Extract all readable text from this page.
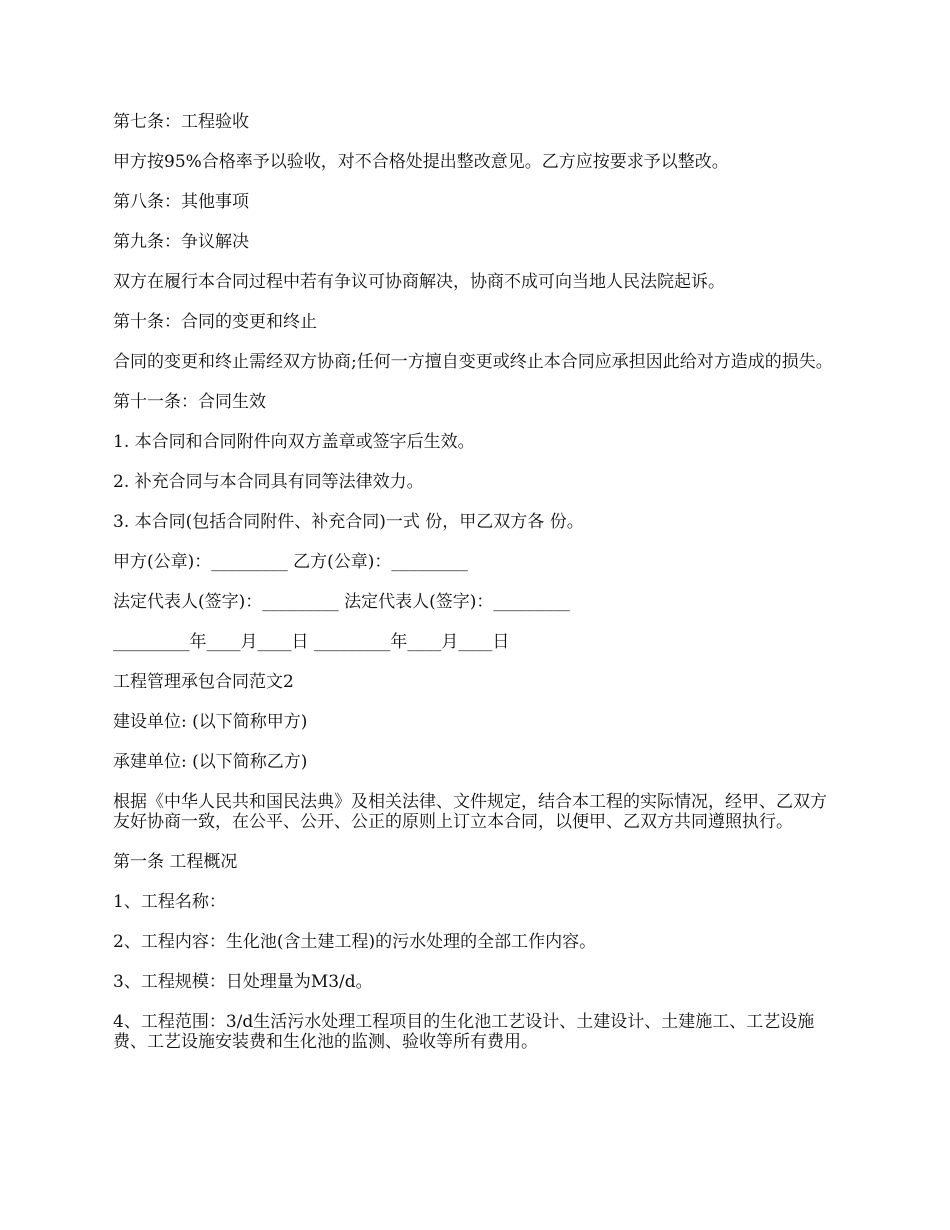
第七条：工程验收

甲方按95%合格率予以验收，对不合格处提出整改意见。乙方应按要求予以整改。

第八条：其他事项

第九条：争议解决

双方在履行本合同过程中若有争议可协商解决，协商不成可向当地人民法院起诉。

第十条：合同的变更和终止

合同的变更和终止需经双方协商;任何一方擅自变更或终止本合同应承担因此给对方造成的损失。

第十一条：合同生效

1. 本合同和合同附件向双方盖章或签字后生效。

2. 补充合同与本合同具有同等法律效力。

3. 本合同(包括合同附件、补充合同)一式 份，甲乙双方各 份。

甲方(公章)：_________ 乙方(公章)：_________

法定代表人(签字)：_________ 法定代表人(签字)：_________

_________年____月____日 _________年____月____日

工程管理承包合同范文2

建设单位: (以下简称甲方)

承建单位: (以下简称乙方)

根据《中华人民共和国民法典》及相关法律、文件规定，结合本工程的实际情况，经甲、乙双方友好协商一致，在公平、公开、公正的原则上订立本合同，以便甲、乙双方共同遵照执行。

第一条 工程概况

1、工程名称：

2、工程内容：生化池(含土建工程)的污水处理的全部工作内容。

3、工程规模：日处理量为M3/d。

4、工程范围：3/d生活污水处理工程项目的生化池工艺设计、土建设计、土建施工、工艺设施费、工艺设施安装费和生化池的监测、验收等所有费用。
